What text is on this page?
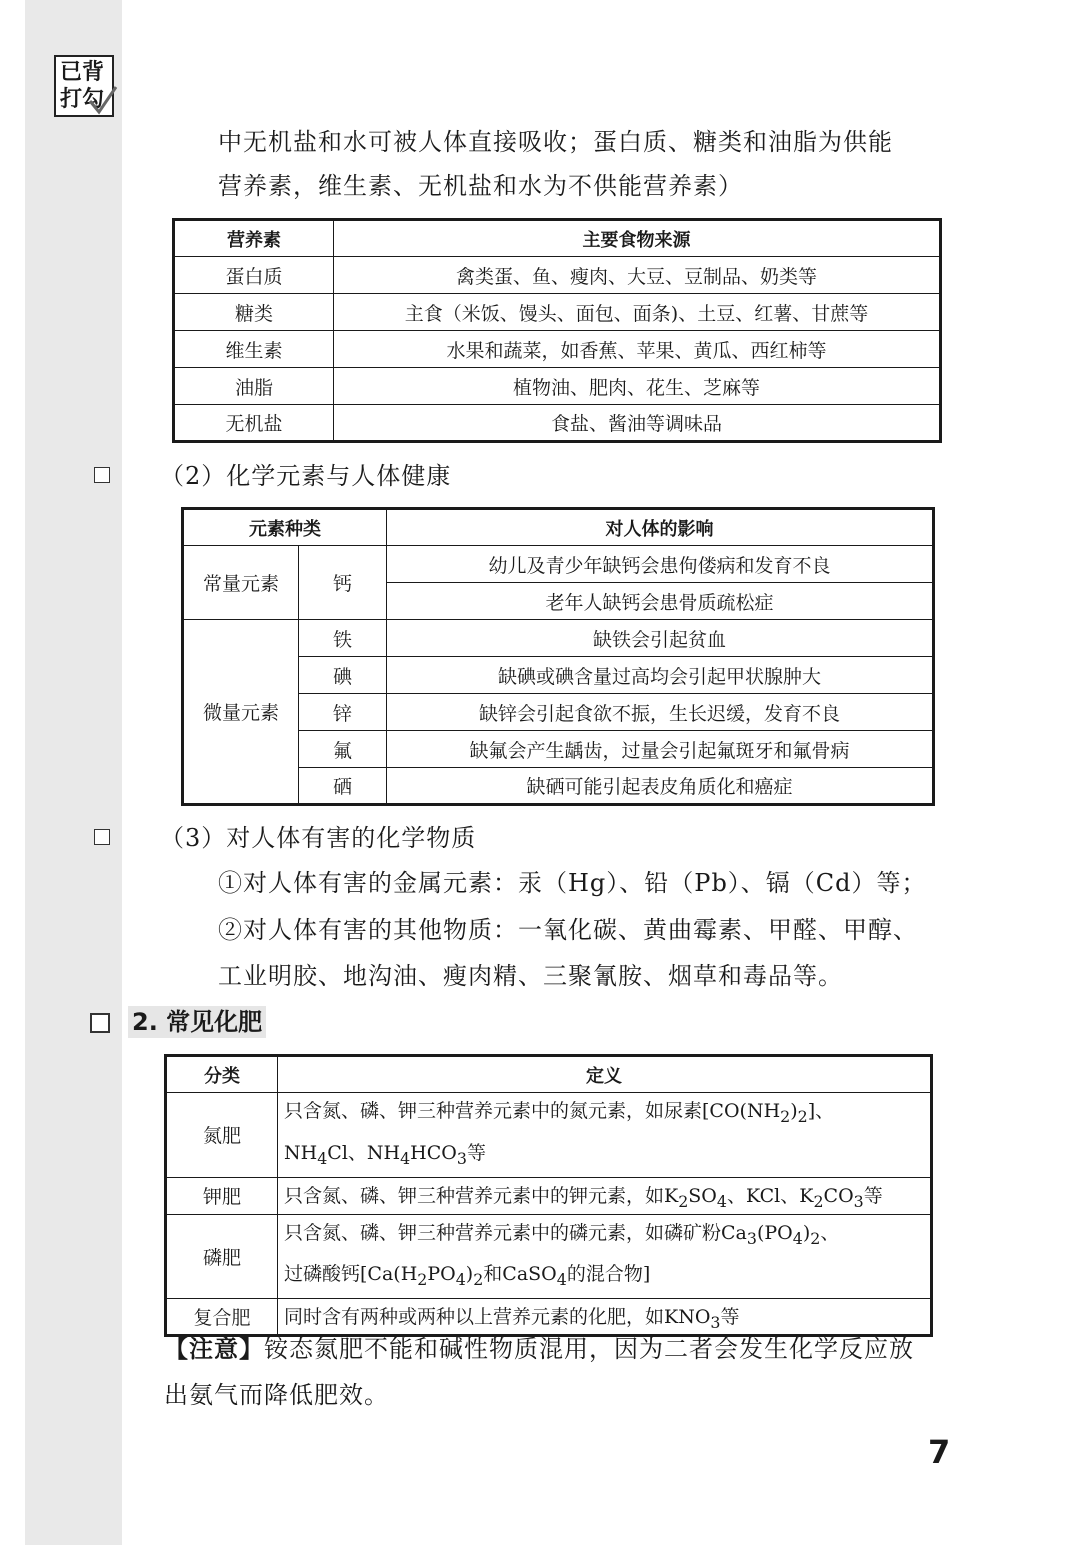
已背
打勾

中无机盐和水可被人体直接吸收；蛋白质、糖类和油脂为供能

营养素，维生素、无机盐和水为不供能营养素）

营养素	主要食物来源
蛋白质	禽类蛋、鱼、瘦肉、大豆、豆制品、奶类等
糖类	主食（米饭、馒头、面包、面条)、土豆、红薯、甘蔗等
维生素	水果和蔬菜，如香蕉、苹果、黄瓜、西红柿等
油脂	植物油、肥肉、花生、芝麻等
无机盐	食盐、酱油等调味品

（2）化学元素与人体健康

元素种类		对人体的影响
常量元素	钙	幼儿及青少年缺钙会患佝偻病和发育不良
		老年人缺钙会患骨质疏松症
微量元素	铁	缺铁会引起贫血
	碘	缺碘或碘含量过高均会引起甲状腺肿大
	锌	缺锌会引起食欲不振，生长迟缓，发育不良
	氟	缺氟会产生龋齿，过量会引起氟斑牙和氟骨病
	硒	缺硒可能引起表皮角质化和癌症

（3）对人体有害的化学物质

①对人体有害的金属元素：汞（Hg）、铅（Pb）、镉（Cd）等；

②对人体有害的其他物质：一氧化碳、黄曲霉素、甲醛、甲醇、

工业明胶、地沟油、瘦肉精、三聚氰胺、烟草和毒品等。

2. 常见化肥
分类	定义
氮肥	只含氮、磷、钾三种营养元素中的氮元素，如尿素$[CO(NH_2)_2]$、
$NH_4Cl$、$NH_4HCO_3$等
钾肥	只含氮、磷、钾三种营养元素中的钾元素，如$K_2SO_4$、KCl、$K_2CO_3$等
磷肥	只含氮、磷、钾三种营养元素中的磷元素，如磷矿粉$Ca_3(PO_4)_2$、
过磷酸钙[$Ca(H_2PO_4)_2$和CaSO$_4$的混合物]
复合肥	同时含有两种或两种以上营养元素的化肥，如$KNO_3$等

【注意】铵态氮肥不能和碱性物质混用，因为二者会发生化学反应放

出氨气而降低肥效。

7
